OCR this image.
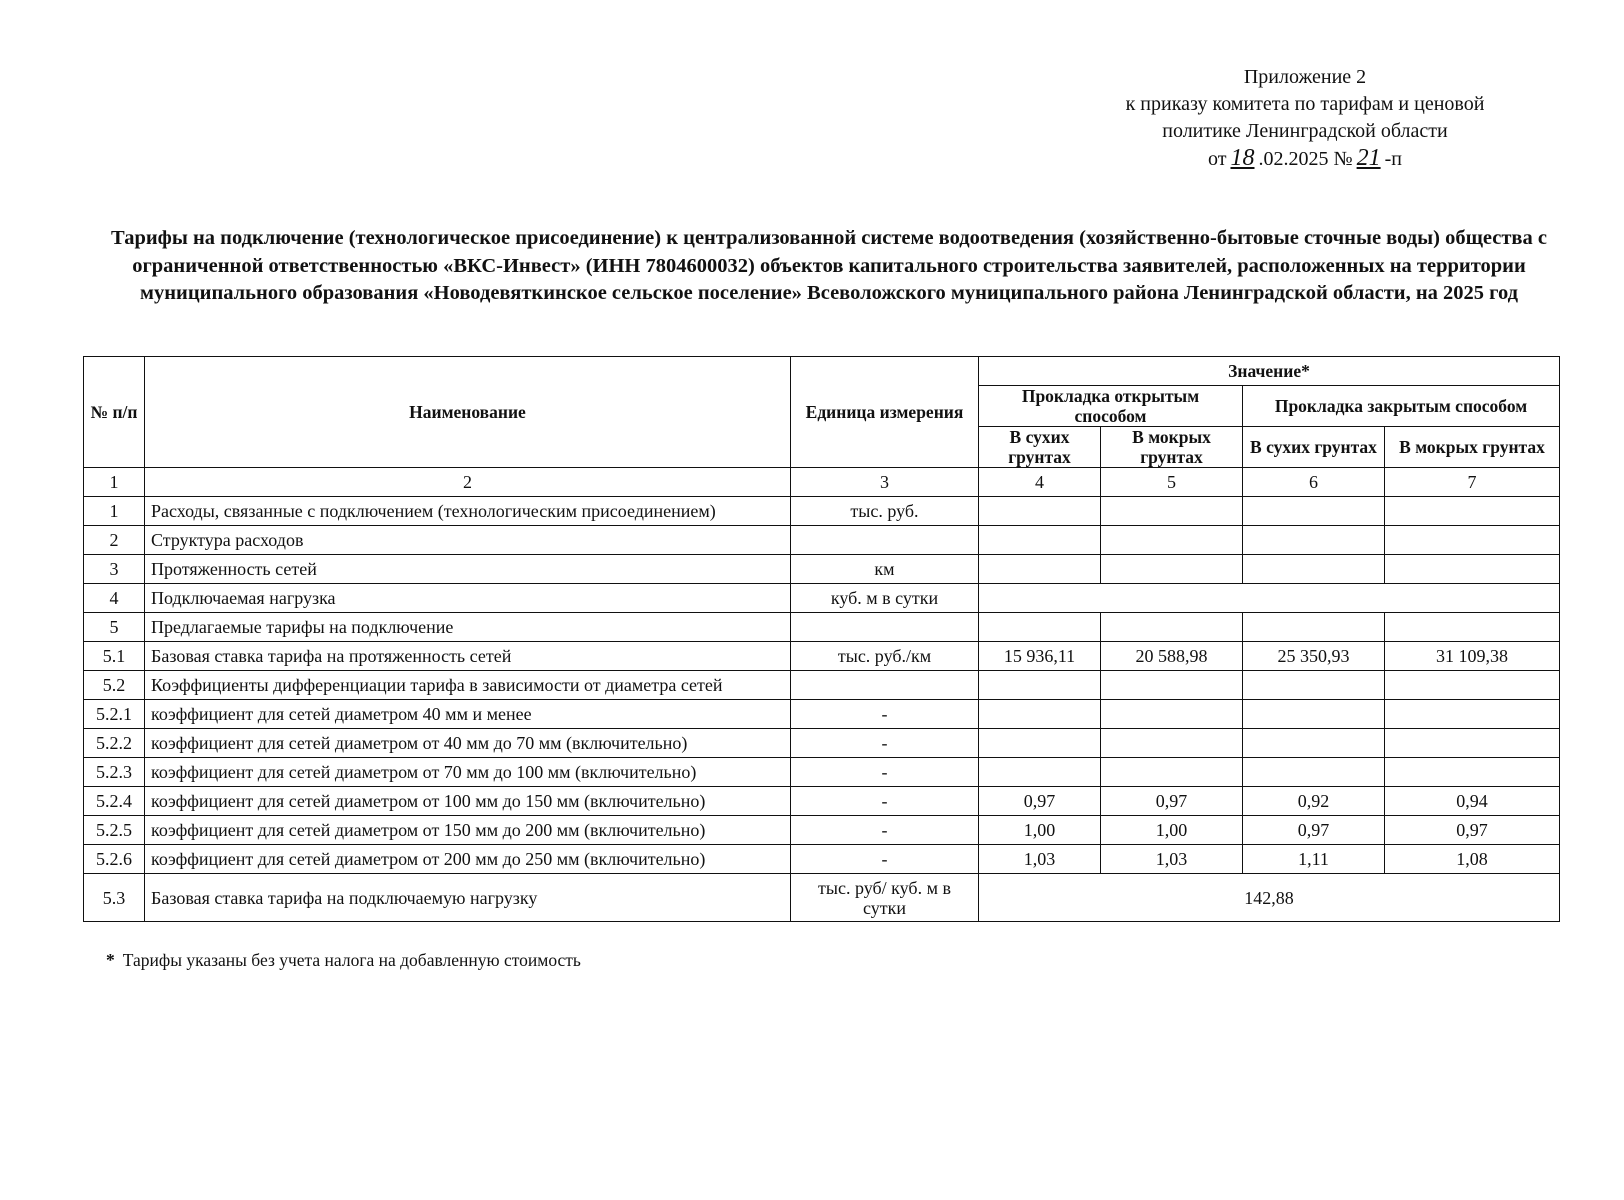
Приложение 2
к приказу комитета по тарифам и ценовой
политике Ленинградской области
от 18 .02.2025 № 21 -п
Тарифы на подключение (технологическое присоединение) к централизованной системе водоотведения (хозяйственно-бытовые сточные воды) общества с ограниченной ответственностью «ВКС-Инвест» (ИНН 7804600032) объектов капитального строительства заявителей, расположенных на территории муниципального образования «Новодевяткинское сельское поселение» Всеволожского муниципального района Ленинградской области, на 2025 год
№ п/п	Наименование	Единица измерения	Значение*			
			Прокладка открытым способом		Прокладка закрытым способом	
			В сухих грунтах	В мокрых грунтах	В сухих грунтах	В мокрых грунтах
1	2	3	4	5	6	7
1	Расходы, связанные с подключением (технологическим присоединением)	тыс. руб.				
2	Структура расходов					
3	Протяженность сетей	км				
4	Подключаемая нагрузка	куб. м в сутки				
5	Предлагаемые тарифы на подключение					
5.1	Базовая ставка тарифа на протяженность сетей	тыс. руб./км	15 936,11	20 588,98	25 350,93	31 109,38
5.2	Коэффициенты дифференциации тарифа в зависимости от диаметра сетей					
5.2.1	коэффициент для сетей диаметром 40 мм и менее	-				
5.2.2	коэффициент для сетей диаметром от 40 мм до 70 мм (включительно)	-				
5.2.3	коэффициент для сетей диаметром от 70 мм до 100 мм (включительно)	-				
5.2.4	коэффициент для сетей диаметром от 100 мм до 150 мм (включительно)	-	0,97	0,97	0,92	0,94
5.2.5	коэффициент для сетей диаметром от 150 мм до 200 мм (включительно)	-	1,00	1,00	0,97	0,97
5.2.6	коэффициент для сетей диаметром от 200 мм до 250 мм (включительно)	-	1,03	1,03	1,11	1,08
5.3	Базовая ставка тарифа на подключаемую нагрузку	тыс. руб/ куб. м в сутки	142,88			
* Тарифы указаны без учета налога на добавленную стоимость
